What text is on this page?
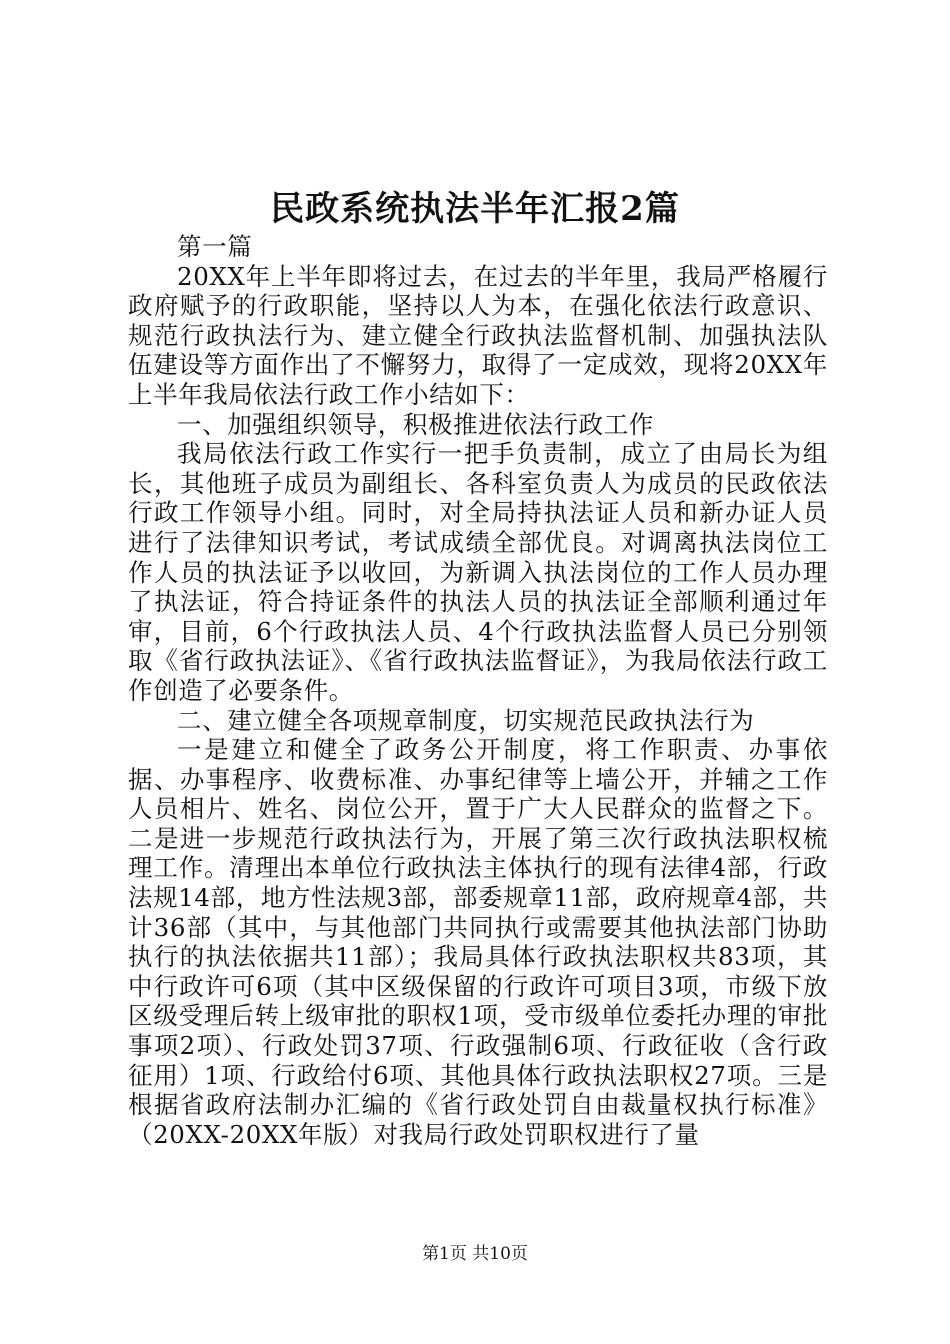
民政系统执法半年汇报2篇

第一篇

20XX年上半年即将过去，在过去的半年里，我局严格履行政府赋予的行政职能，坚持以人为本，在强化依法行政意识、规范行政执法行为、建立健全行政执法监督机制、加强执法队伍建设等方面作出了不懈努力，取得了一定成效，现将20XX年上半年我局依法行政工作小结如下：

一、加强组织领导，积极推进依法行政工作

我局依法行政工作实行一把手负责制，成立了由局长为组长，其他班子成员为副组长、各科室负责人为成员的民政依法行政工作领导小组。同时，对全局持执法证人员和新办证人员进行了法律知识考试，考试成绩全部优良。对调离执法岗位工作人员的执法证予以收回，为新调入执法岗位的工作人员办理了执法证，符合持证条件的执法人员的执法证全部顺利通过年审，目前，6个行政执法人员、4个行政执法监督人员已分别领取《省行政执法证》、《省行政执法监督证》，为我局依法行政工作创造了必要条件。

二、建立健全各项规章制度，切实规范民政执法行为

一是建立和健全了政务公开制度，将工作职责、办事依据、办事程序、收费标准、办事纪律等上墙公开，并辅之工作人员相片、姓名、岗位公开，置于广大人民群众的监督之下。二是进一步规范行政执法行为，开展了第三次行政执法职权梳理工作。清理出本单位行政执法主体执行的现有法律4部，行政法规14部，地方性法规3部，部委规章11部，政府规章4部，共计36部（其中，与其他部门共同执行或需要其他执法部门协助执行的执法依据共11部）；我局具体行政执法职权共83项，其中行政许可6项（其中区级保留的行政许可项目3项，市级下放区级受理后转上级审批的职权1项，受市级单位委托办理的审批事项2项）、行政处罚37项、行政强制6项、行政征收（含行政征用）1项、行政给付6项、其他具体行政执法职权27项。三是根据省政府法制办汇编的《省行政处罚自由裁量权执行标准》（20XX-20XX年版）对我局行政处罚职权进行了量

第1页 共10页
